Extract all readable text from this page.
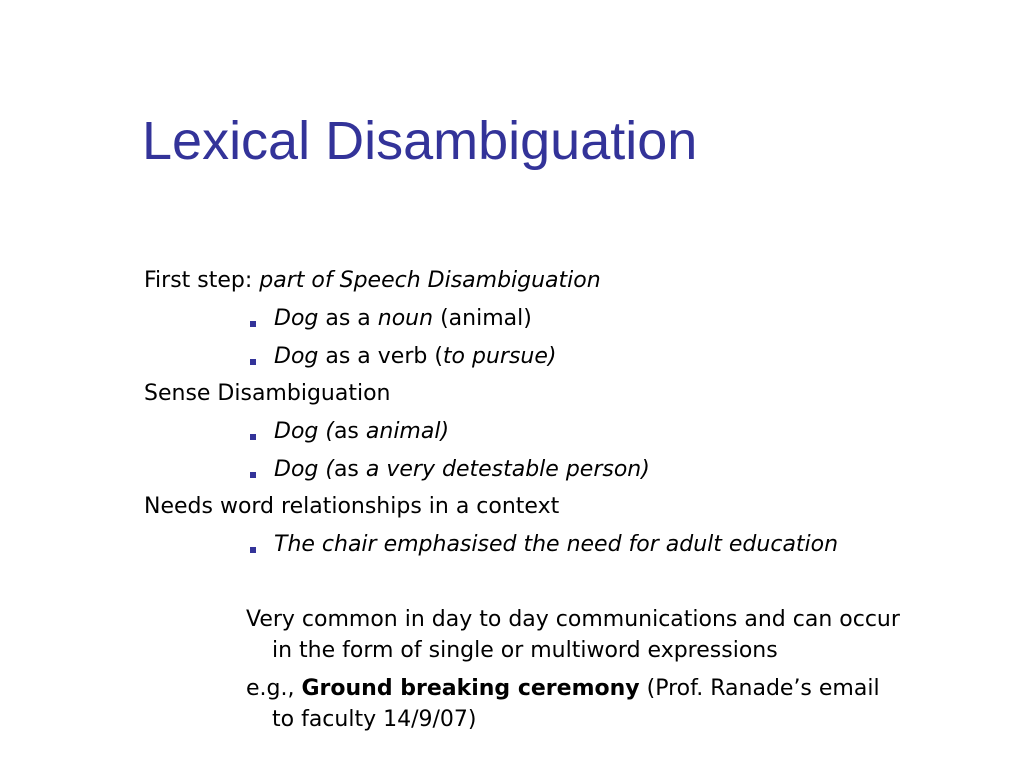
Lexical Disambiguation
First step: part of Speech Disambiguation
Dog as a noun (animal)
Dog as a verb (to pursue)
Sense Disambiguation
Dog (as animal)
Dog (as a very detestable person)
Needs word relationships in a context
The chair emphasised the need for adult education
Very common in day to day communications and can occur
in the form of single or multiword expressions
e.g., Ground breaking ceremony (Prof. Ranade’s email
to faculty 14/9/07)
